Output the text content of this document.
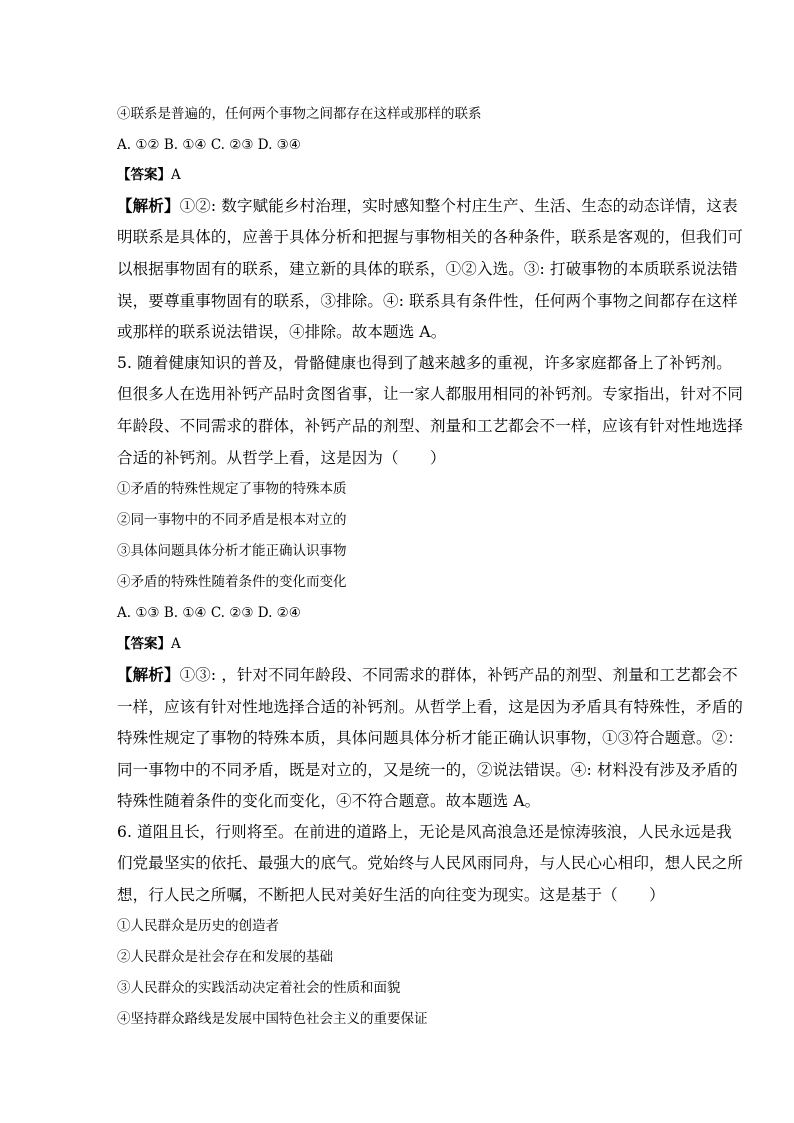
④联系是普遍的，任何两个事物之间都存在这样或那样的联系
A. ①② B. ①④ C. ②③ D. ③④
【答案】A
【解析】①②: 数字赋能乡村治理，实时感知整个村庄生产、生活、生态的动态详情，这表
明联系是具体的，应善于具体分析和把握与事物相关的各种条件，联系是客观的，但我们可
以根据事物固有的联系，建立新的具体的联系，①②入选。③: 打破事物的本质联系说法错
误，要尊重事物固有的联系，③排除。④: 联系具有条件性，任何两个事物之间都存在这样
或那样的联系说法错误，④排除。故本题选 A。
5. 随着健康知识的普及，骨骼健康也得到了越来越多的重视，许多家庭都备上了补钙剂。
但很多人在选用补钙产品时贪图省事，让一家人都服用相同的补钙剂。专家指出，针对不同
年龄段、不同需求的群体，补钙产品的剂型、剂量和工艺都会不一样，应该有针对性地选择
合适的补钙剂。从哲学上看，这是因为（　　）
①矛盾的特殊性规定了事物的特殊本质
②同一事物中的不同矛盾是根本对立的
③具体问题具体分析才能正确认识事物
④矛盾的特殊性随着条件的变化而变化
A. ①③ B. ①④ C. ②③ D. ②④
【答案】A
【解析】①③: ，针对不同年龄段、不同需求的群体，补钙产品的剂型、剂量和工艺都会不
一样，应该有针对性地选择合适的补钙剂。从哲学上看，这是因为矛盾具有特殊性，矛盾的
特殊性规定了事物的特殊本质，具体问题具体分析才能正确认识事物，①③符合题意。②：
同一事物中的不同矛盾，既是对立的，又是统一的，②说法错误。④: 材料没有涉及矛盾的
特殊性随着条件的变化而变化，④不符合题意。故本题选 A。
6. 道阻且长，行则将至。在前进的道路上，无论是风高浪急还是惊涛骇浪，人民永远是我
们党最坚实的依托、最强大的底气。党始终与人民风雨同舟，与人民心心相印，想人民之所
想，行人民之所嘱，不断把人民对美好生活的向往变为现实。这是基于（　　）
①人民群众是历史的创造者
②人民群众是社会存在和发展的基础
③人民群众的实践活动决定着社会的性质和面貌
④坚持群众路线是发展中国特色社会主义的重要保证
